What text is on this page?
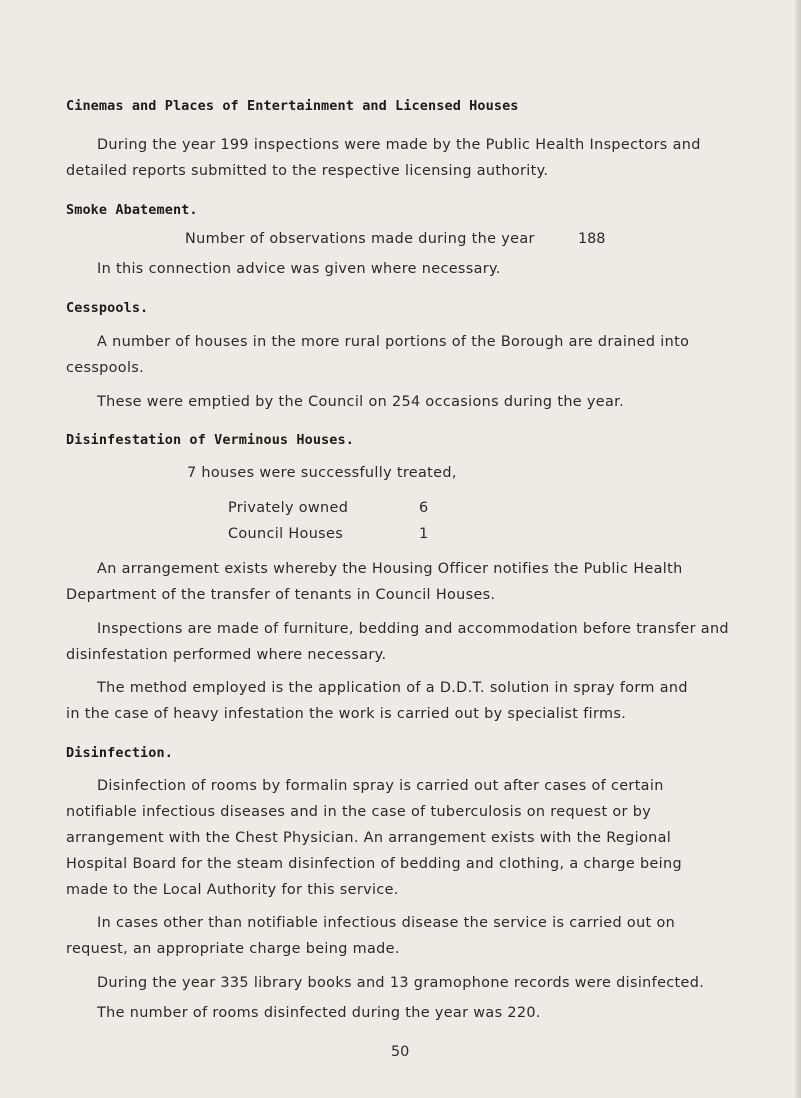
Cinemas and Places of Entertainment and Licensed Houses
During the year 199 inspections were made by the Public Health Inspectors and
detailed reports submitted to the respective licensing authority.
Smoke Abatement.
Number of observations made during the year	188
In this connection advice was given where necessary.
Cesspools.
A number of houses in the more rural portions of the Borough are drained into
cesspools.
These were emptied by the Council on 254 occasions during the year.
Disinfestation of Verminous Houses.
7 houses were successfully treated,
Privately owned	6
Council Houses	1
An arrangement exists whereby the Housing Officer notifies the Public Health
Department of the transfer of tenants in Council Houses.
Inspections are made of furniture, bedding and accommodation before transfer and
disinfestation performed where necessary.
The method employed is the application of a D.D.T. solution in spray form and
in the case of heavy infestation the work is carried out by specialist firms.
Disinfection.
Disinfection of rooms by formalin spray is carried out after cases of certain
notifiable infectious diseases and in the case of tuberculosis on request or by
arrangement with the Chest Physician. An arrangement exists with the Regional
Hospital Board for the steam disinfection of bedding and clothing, a charge being
made to the Local Authority for this service.
In cases other than notifiable infectious disease the service is carried out on
request, an appropriate charge being made.
During the year 335 library books and 13 gramophone records were disinfected.
The number of rooms disinfected during the year was 220.
50
